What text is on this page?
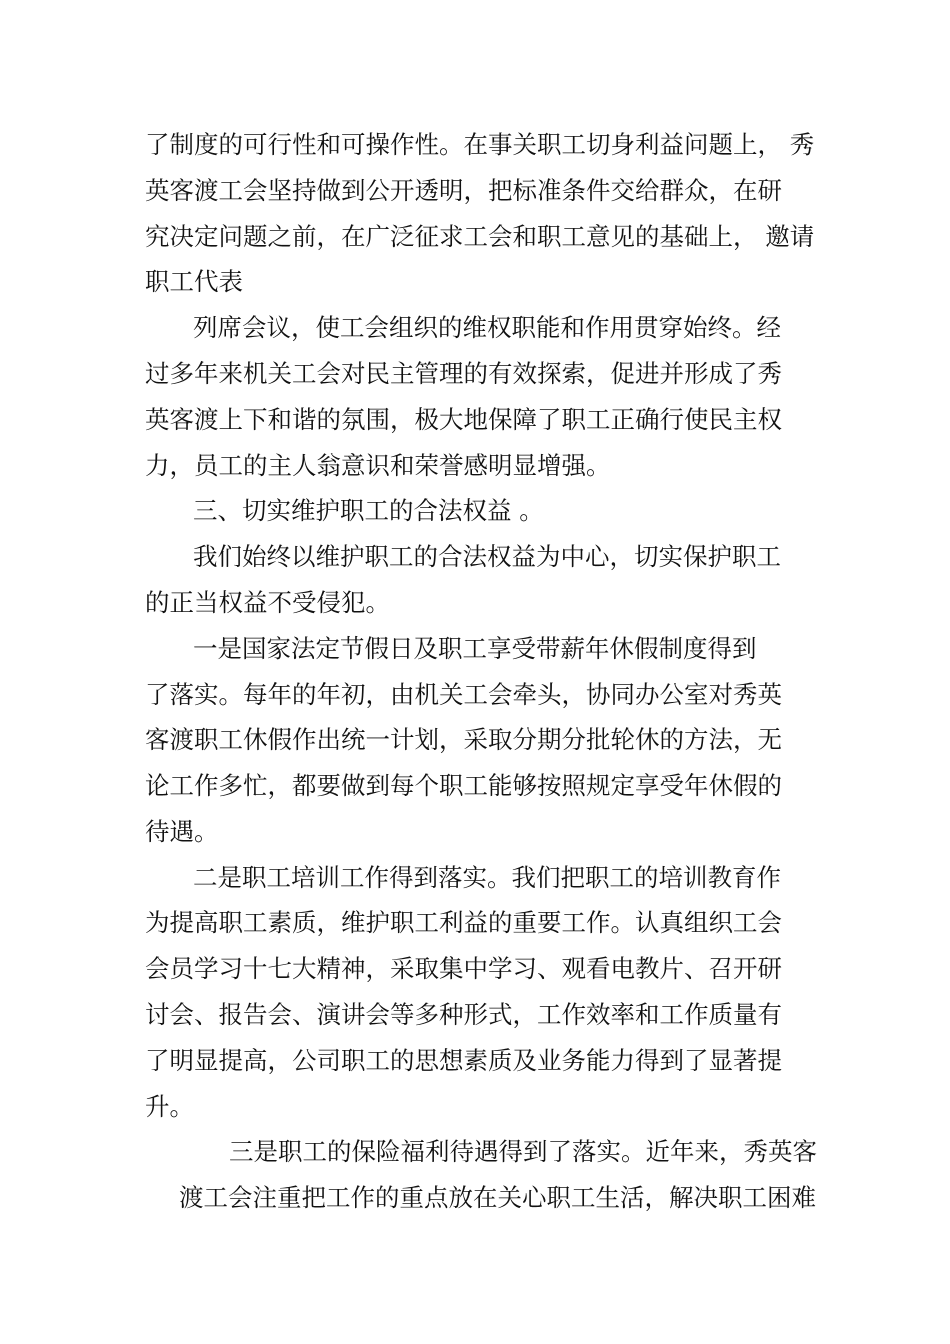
了制度的可行性和可操作性。在事关职工切身利益问题上， 秀
英客渡工会坚持做到公开透明，把标准条件交给群众，在研
究决定问题之前，在广泛征求工会和职工意见的基础上， 邀请
职工代表
列席会议，使工会组织的维权职能和作用贯穿始终。经
过多年来机关工会对民主管理的有效探索，促进并形成了秀
英客渡上下和谐的氛围，极大地保障了职工正确行使民主权
力，员工的主人翁意识和荣誉感明显增强。
三、切实维护职工的合法权益 。
我们始终以维护职工的合法权益为中心，切实保护职工
的正当权益不受侵犯。
一是国家法定节假日及职工享受带薪年休假制度得到
了落实。每年的年初，由机关工会牵头，协同办公室对秀英
客渡职工休假作出统一计划，采取分期分批轮休的方法，无
论工作多忙，都要做到每个职工能够按照规定享受年休假的
待遇。
二是职工培训工作得到落实。我们把职工的培训教育作
为提高职工素质，维护职工利益的重要工作。认真组织工会
会员学习十七大精神，采取集中学习、观看电教片、召开研
讨会、报告会、演讲会等多种形式，工作效率和工作质量有
了明显提高，公司职工的思想素质及业务能力得到了显著提
升。
三是职工的保险福利待遇得到了落实。近年来，秀英客
渡工会注重把工作的重点放在关心职工生活，解决职工困难
